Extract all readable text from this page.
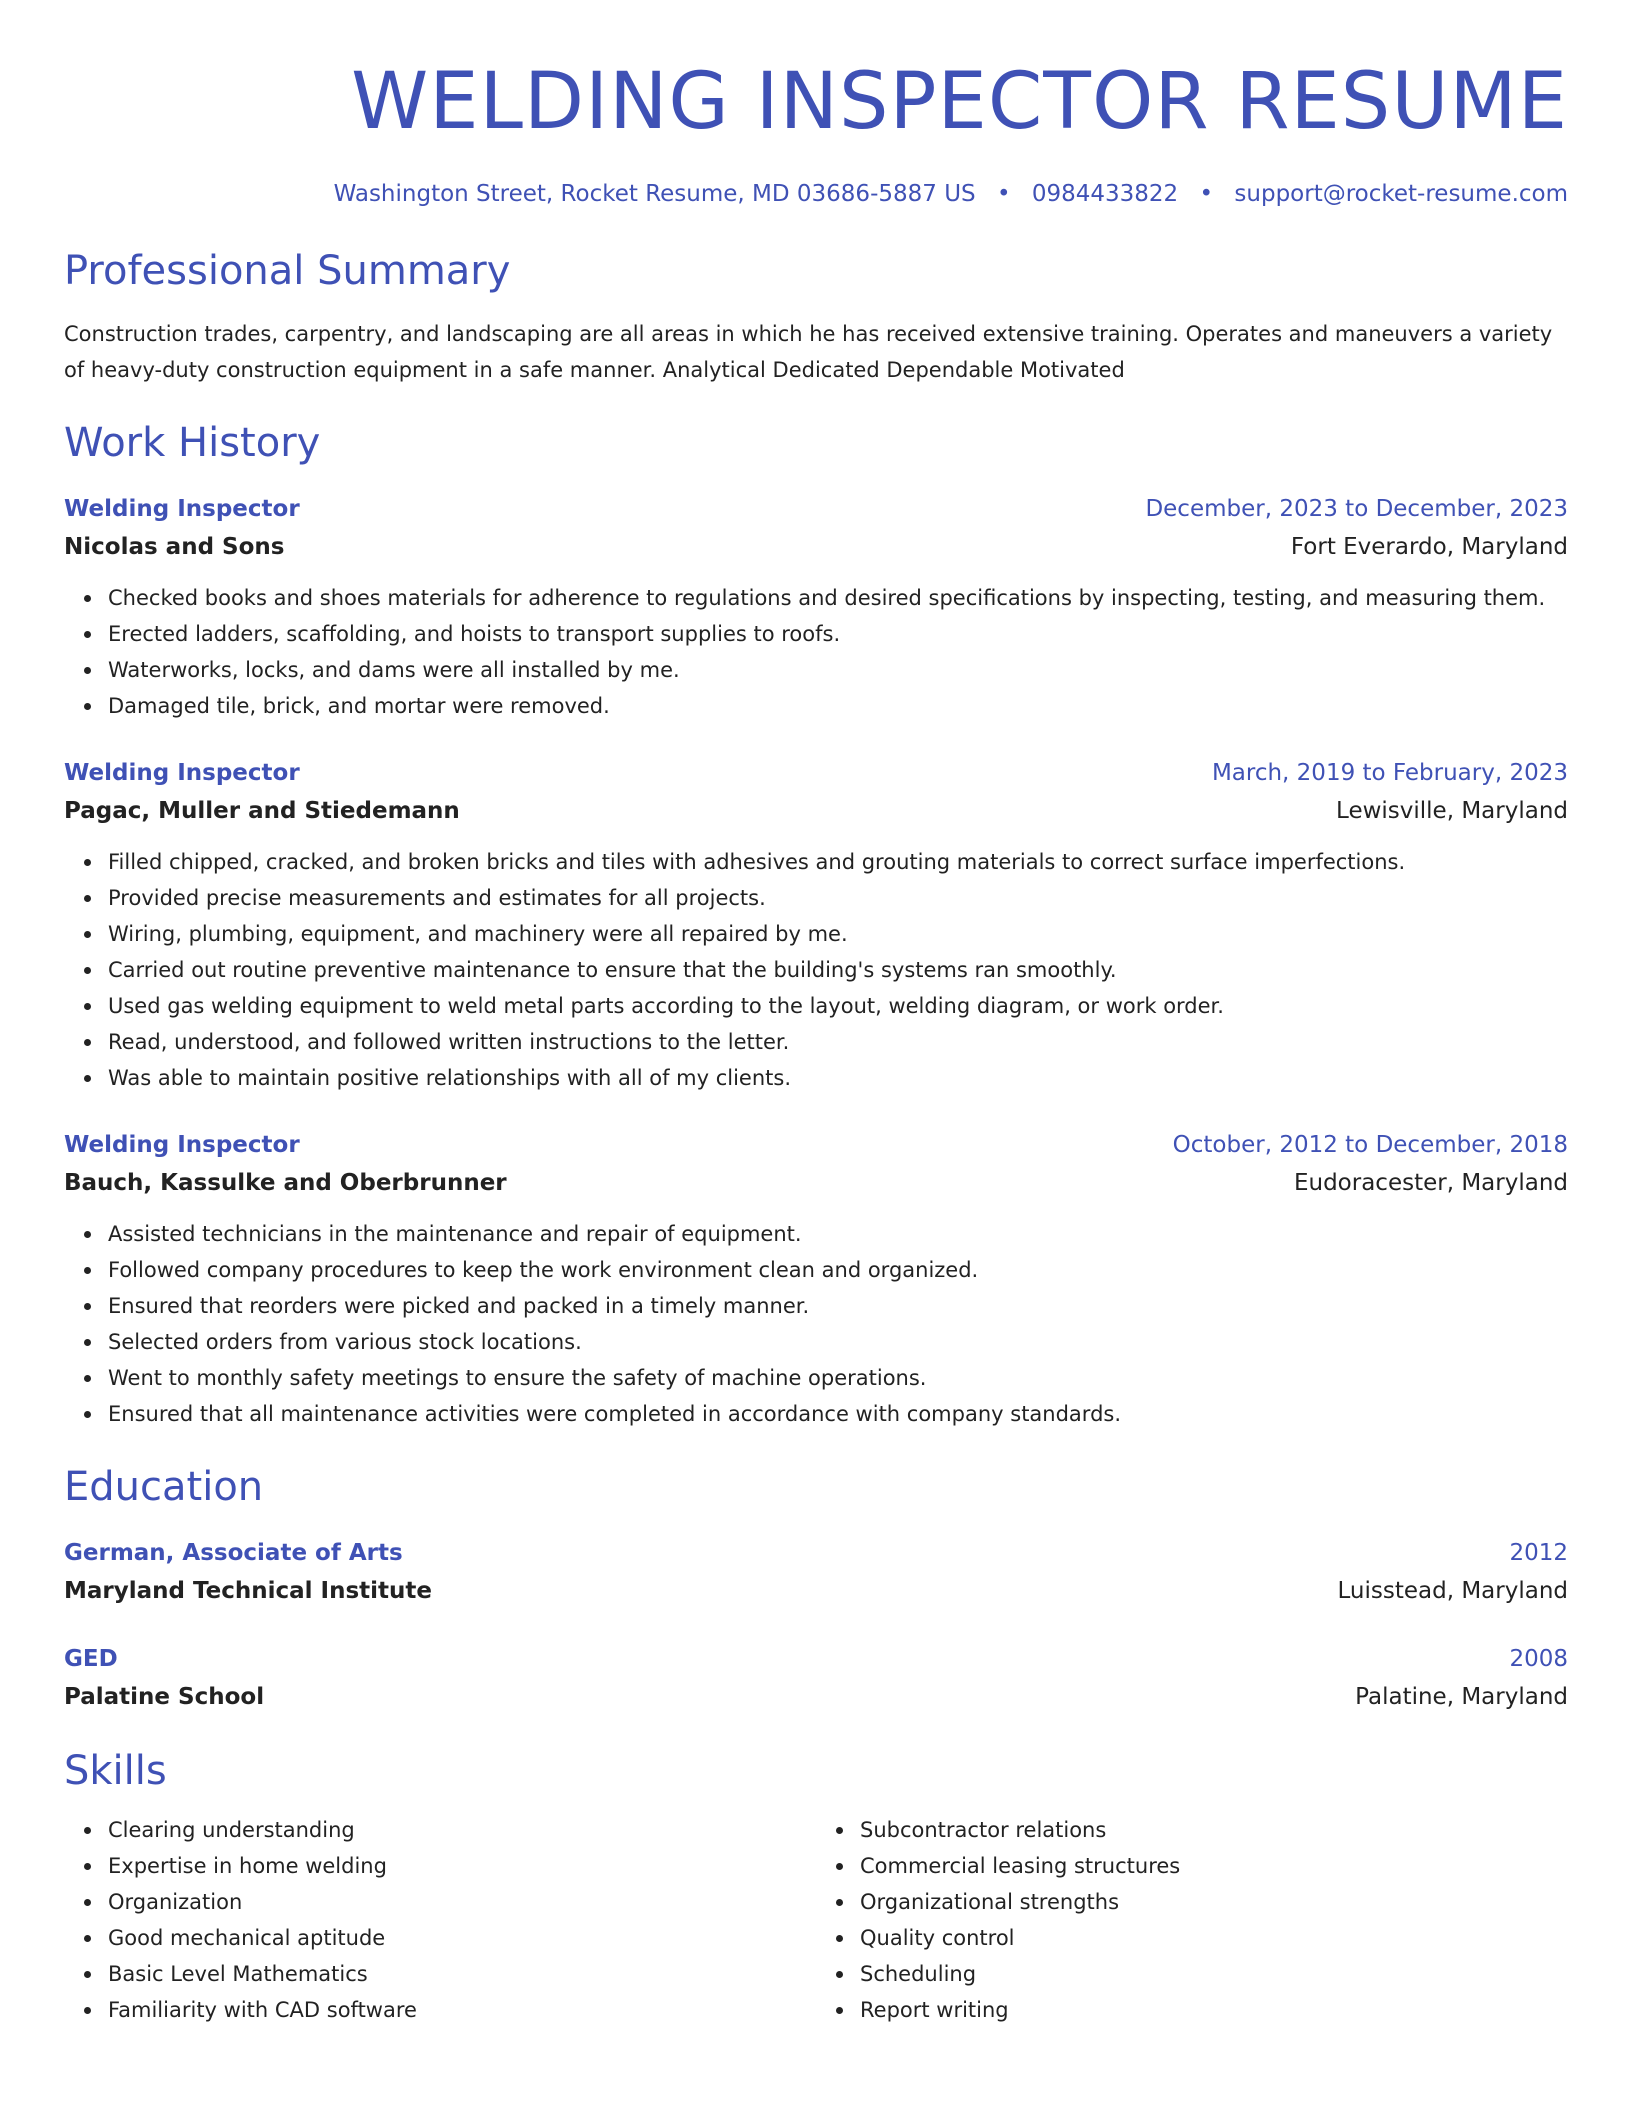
WELDING INSPECTOR RESUME
Washington Street, Rocket Resume, MD 03686-5887 US • 0984433822 • support@rocket-resume.com
Professional Summary
Construction trades, carpentry, and landscaping are all areas in which he has received extensive training. Operates and maneuvers a variety of heavy-duty construction equipment in a safe manner. Analytical Dedicated Dependable Motivated
Work History
Welding Inspector	December, 2023 to December, 2023
Nicolas and Sons	Fort Everardo, Maryland
Checked books and shoes materials for adherence to regulations and desired specifications by inspecting, testing, and measuring them.
Erected ladders, scaffolding, and hoists to transport supplies to roofs.
Waterworks, locks, and dams were all installed by me.
Damaged tile, brick, and mortar were removed.
Welding Inspector	March, 2019 to February, 2023
Pagac, Muller and Stiedemann	Lewisville, Maryland
Filled chipped, cracked, and broken bricks and tiles with adhesives and grouting materials to correct surface imperfections.
Provided precise measurements and estimates for all projects.
Wiring, plumbing, equipment, and machinery were all repaired by me.
Carried out routine preventive maintenance to ensure that the building's systems ran smoothly.
Used gas welding equipment to weld metal parts according to the layout, welding diagram, or work order.
Read, understood, and followed written instructions to the letter.
Was able to maintain positive relationships with all of my clients.
Welding Inspector	October, 2012 to December, 2018
Bauch, Kassulke and Oberbrunner	Eudoracester, Maryland
Assisted technicians in the maintenance and repair of equipment.
Followed company procedures to keep the work environment clean and organized.
Ensured that reorders were picked and packed in a timely manner.
Selected orders from various stock locations.
Went to monthly safety meetings to ensure the safety of machine operations.
Ensured that all maintenance activities were completed in accordance with company standards.
Education
German, Associate of Arts	2012
Maryland Technical Institute	Luisstead, Maryland
GED	2008
Palatine School	Palatine, Maryland
Skills
Clearing understanding
Expertise in home welding
Organization
Good mechanical aptitude
Basic Level Mathematics
Familiarity with CAD software
Subcontractor relations
Commercial leasing structures
Organizational strengths
Quality control
Scheduling
Report writing
